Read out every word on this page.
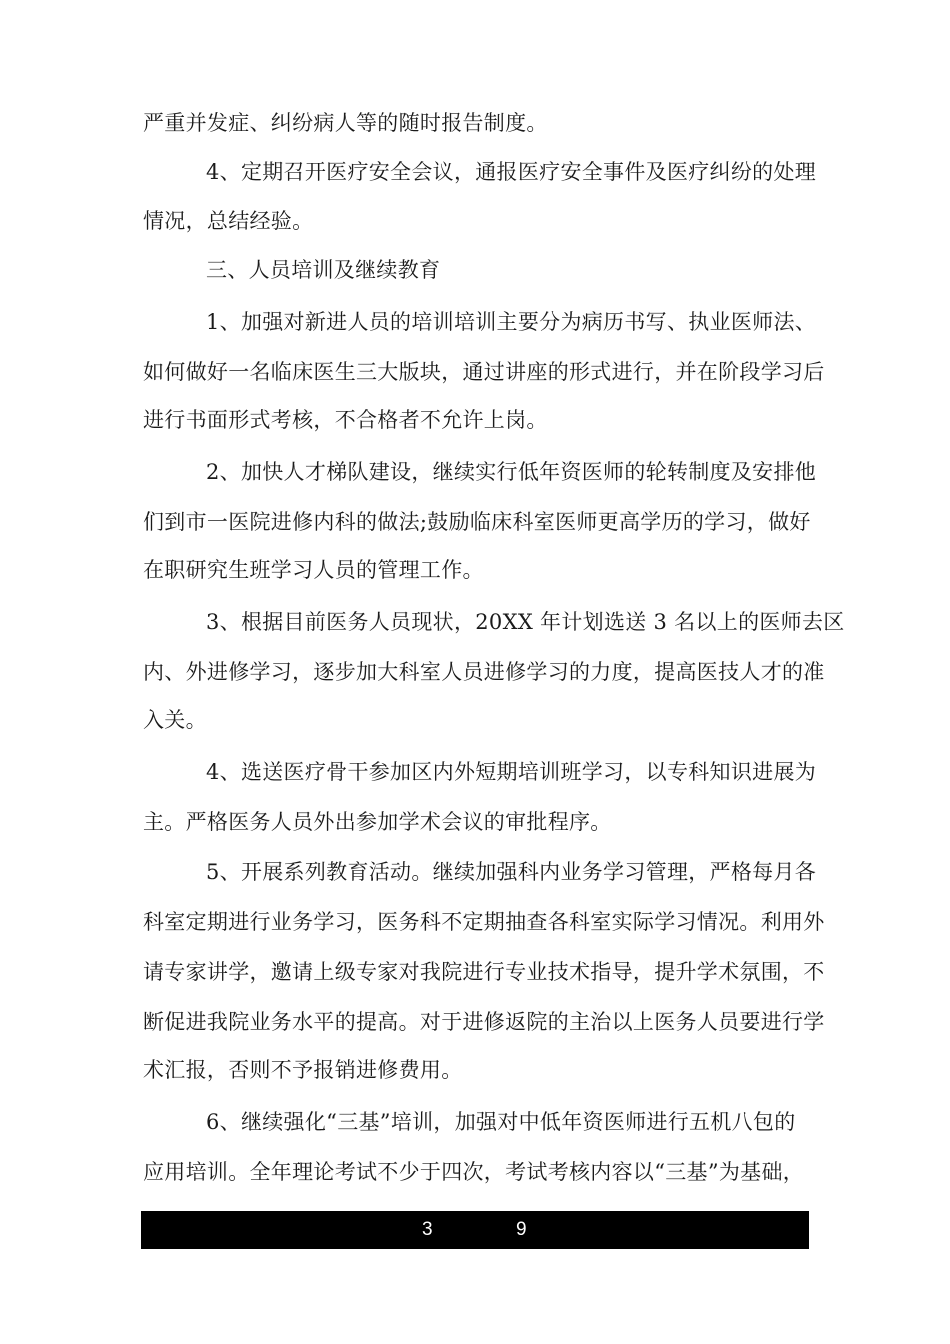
严重并发症、纠纷病人等的随时报告制度。
4、定期召开医疗安全会议，通报医疗安全事件及医疗纠纷的处理
情况，总结经验。
三、人员培训及继续教育
1、加强对新进人员的培训培训主要分为病历书写、执业医师法、
如何做好一名临床医生三大版块，通过讲座的形式进行，并在阶段学习后
进行书面形式考核，不合格者不允许上岗。
2、加快人才梯队建设，继续实行低年资医师的轮转制度及安排他
们到市一医院进修内科的做法;鼓励临床科室医师更高学历的学习，做好
在职研究生班学习人员的管理工作。
3、根据目前医务人员现状，20XX 年计划选送 3 名以上的医师去区
内、外进修学习，逐步加大科室人员进修学习的力度，提高医技人才的准
入关。
4、选送医疗骨干参加区内外短期培训班学习，以专科知识进展为
主。严格医务人员外出参加学术会议的审批程序。
5、开展系列教育活动。继续加强科内业务学习管理，严格每月各
科室定期进行业务学习，医务科不定期抽查各科室实际学习情况。利用外
请专家讲学，邀请上级专家对我院进行专业技术指导，提升学术氛围，不
断促进我院业务水平的提高。对于进修返院的主治以上医务人员要进行学
术汇报，否则不予报销进修费用。
6、继续强化“三基”培训，加强对中低年资医师进行五机八包的
应用培训。全年理论考试不少于四次，考试考核内容以“三基”为基础，
3	9
